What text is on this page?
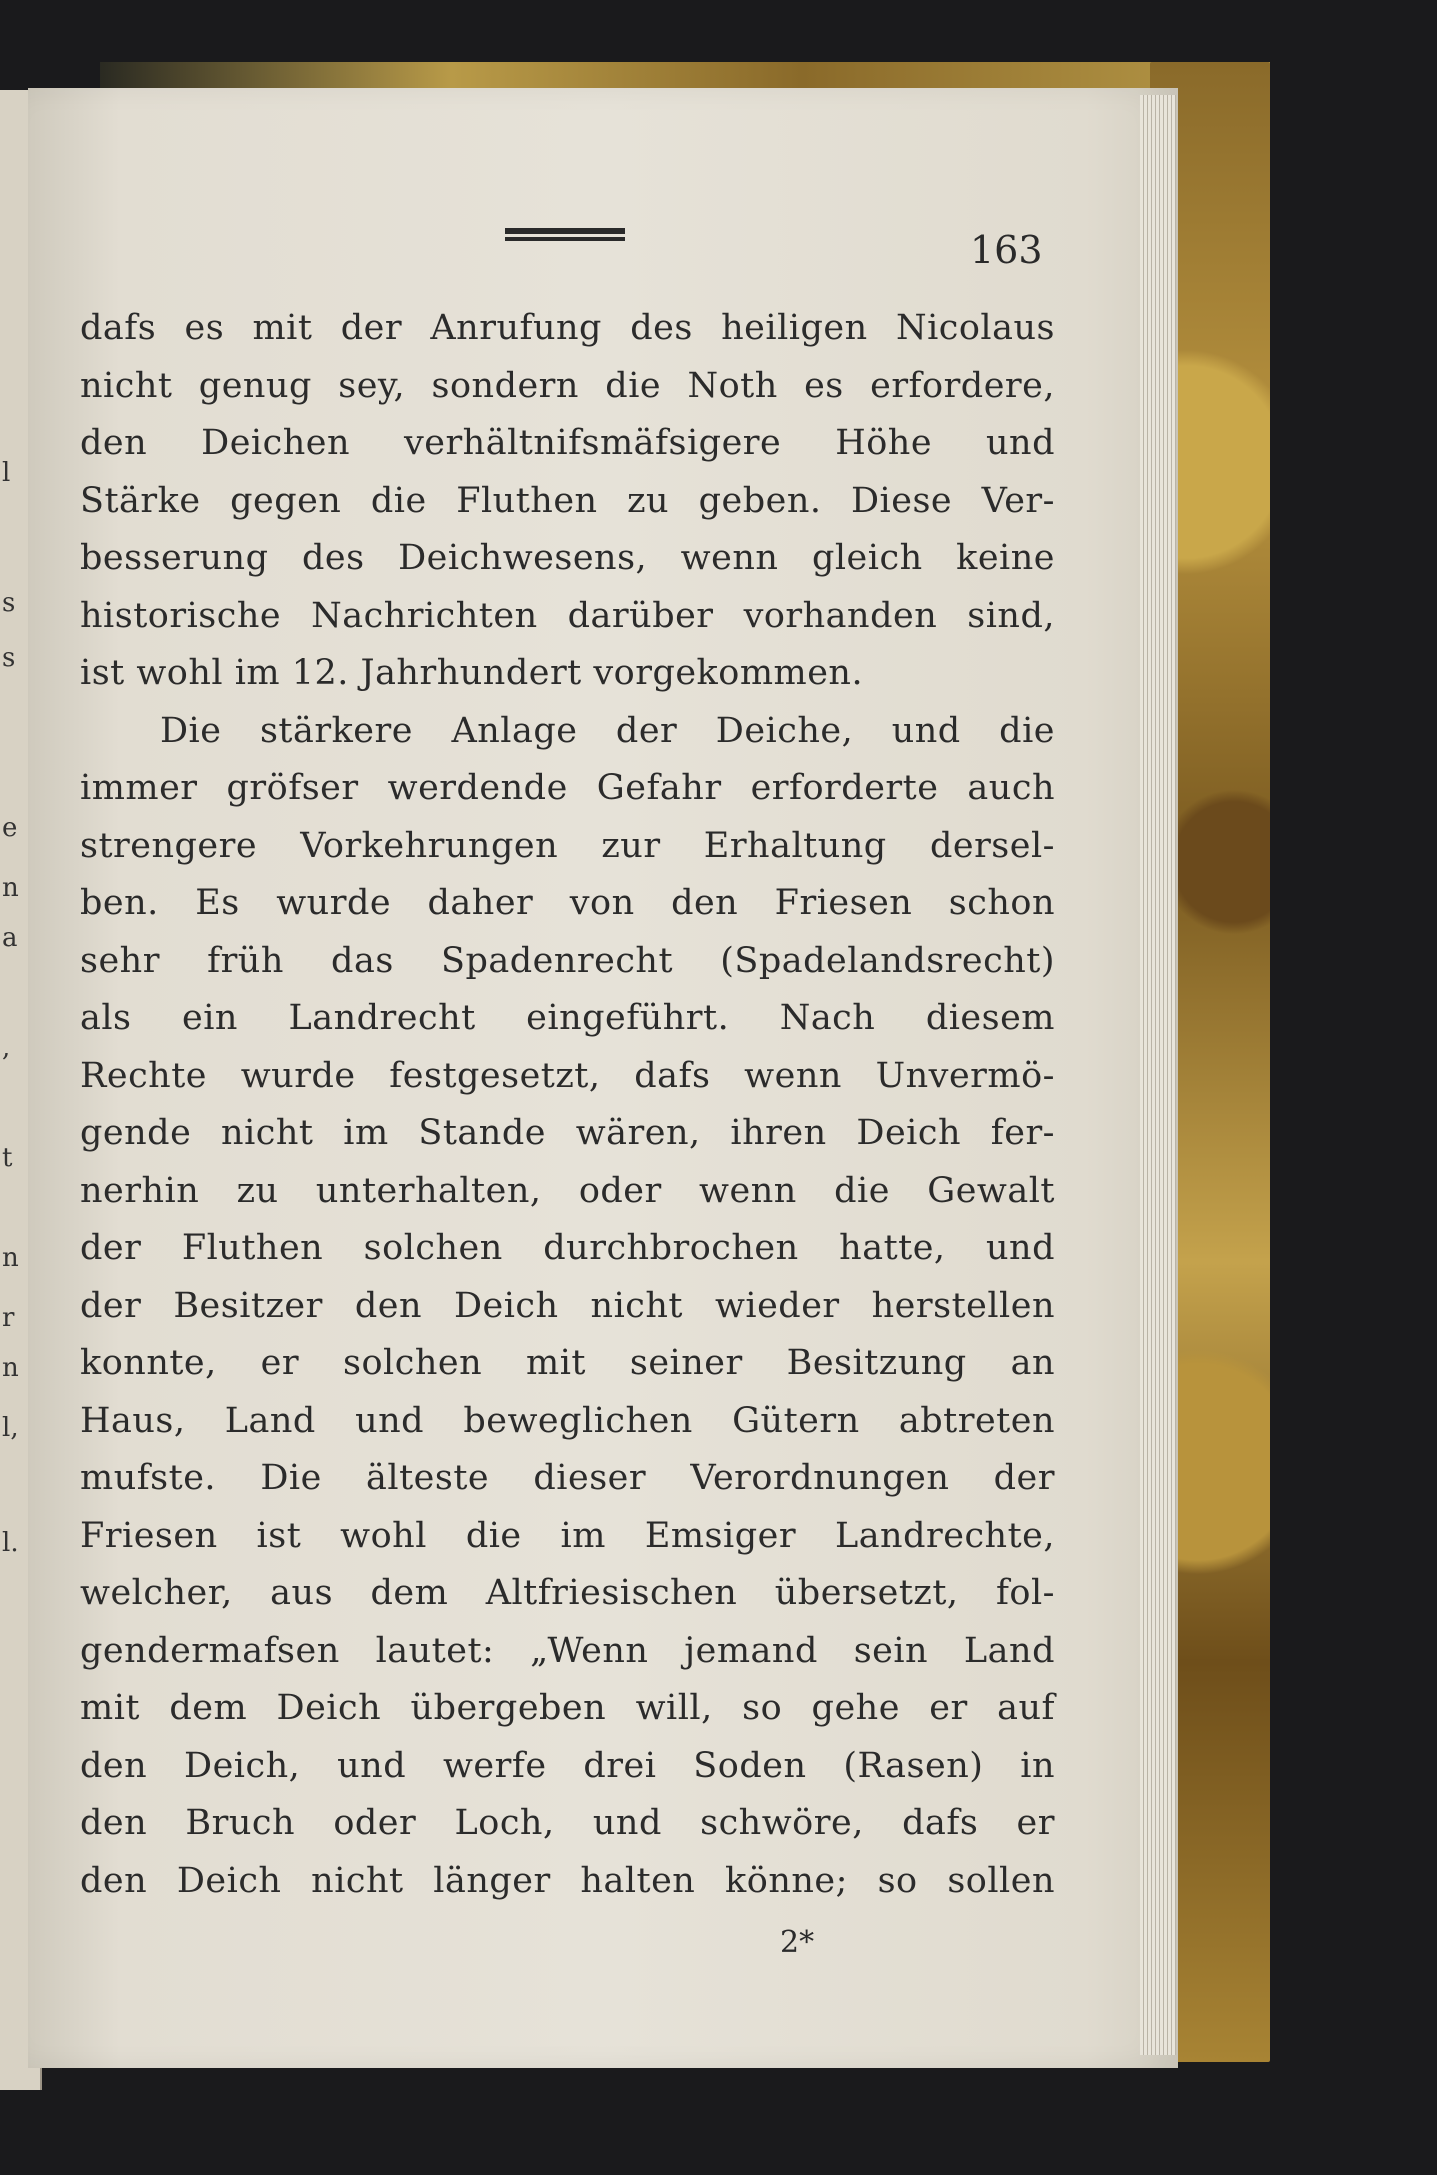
l
s
s
e
n
a
,
t
n
r
n
l,
l.
163
dafs es mit der Anrufung des heiligen Nicolaus
nicht genug sey, sondern die Noth es erfordere,
den Deichen verhältnifsmäfsigere Höhe und
Stärke gegen die Fluthen zu geben. Diese Ver-
besserung des Deichwesens, wenn gleich keine
historische Nachrichten darüber vorhanden sind,
ist wohl im 12. Jahrhundert vorgekommen.
Die stärkere Anlage der Deiche, und die
immer gröfser werdende Gefahr erforderte auch
strengere Vorkehrungen zur Erhaltung dersel-
ben. Es wurde daher von den Friesen schon
sehr früh das Spadenrecht (Spadelandsrecht)
als ein Landrecht eingeführt. Nach diesem
Rechte wurde festgesetzt, dafs wenn Unvermö-
gende nicht im Stande wären, ihren Deich fer-
nerhin zu unterhalten, oder wenn die Gewalt
der Fluthen solchen durchbrochen hatte, und
der Besitzer den Deich nicht wieder herstellen
konnte, er solchen mit seiner Besitzung an
Haus, Land und beweglichen Gütern abtreten
mufste. Die älteste dieser Verordnungen der
Friesen ist wohl die im Emsiger Landrechte,
welcher, aus dem Altfriesischen übersetzt, fol-
gendermafsen lautet: „Wenn jemand sein Land
mit dem Deich übergeben will, so gehe er auf
den Deich, und werfe drei Soden (Rasen) in
den Bruch oder Loch, und schwöre, dafs er
den Deich nicht länger halten könne; so sollen
2*
